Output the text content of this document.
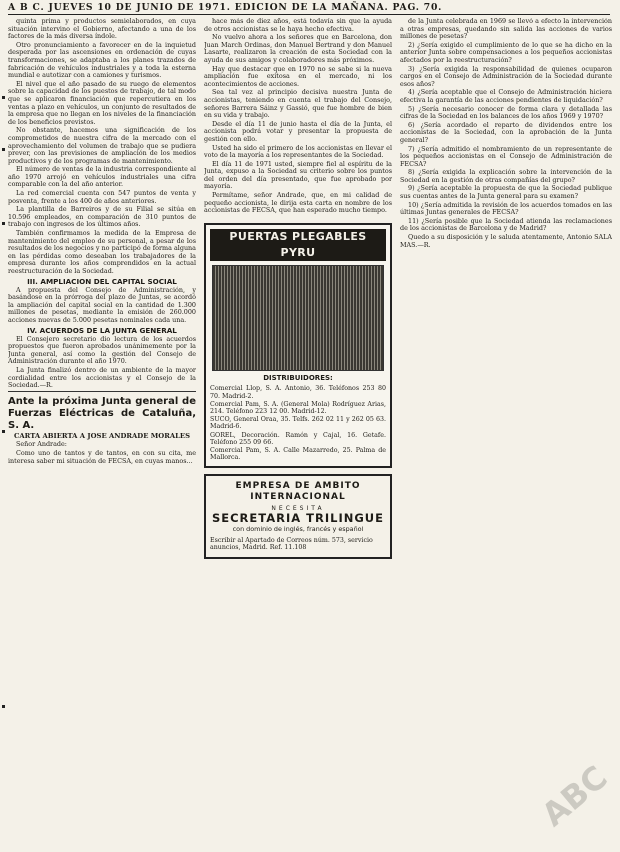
A B C. JUEVES 10 DE JUNIO DE 1971. EDICION DE LA MAÑANA. PAG. 70.

quinta prima y productos semielaborados, en cuya situación intervino el Gobierno, afectando a una de los factores de la más diversa índole.

Otro pronunciamiento a favorecer en de la inquietud desperada por las ascensiones en ordenación de cuyas transformaciones, se adaptaba a los planes trazados de fabricación de vehículos industriales y a toda la esterna mundial e autotizar con a camiones y turismos.

El nivel que el año pasado de su ruego de elementos sobre la capacidad de los puestos de trabajo, de tal modo que se aplicaron financiación que repercutiera en los ventas a plazo en vehículos, un conjunto de resultados de la empresa que no llegan en los niveles de la financiación de los beneficios previstos.

No obstante, hacemos una significación de los comprometidos de nuestra cifra de la mercado con el aprovechamiento del volumen de trabajo que se pudiera prever, con las previsiones de ampliación de los medios productivos y de los programas de mantenimiento.

El número de ventas de la industria correspondiente al año 1970 arrojó en vehículos industriales una cifra comparable con la del año anterior.

La red comercial cuenta con 547 puntos de venta y posventa, frente a los 400 de años anteriores.

La plantilla de Barreiros y de su Filial se sitúa en 10.596 empleados, en comparación de 310 puntos de trabajo con ingresos de los últimos años.

También confirmamos la medida de la Empresa de mantenimiento del empleo de su personal, a pesar de los resultados de los negocios y no participó de forma alguna en las pérdidas como deseaban los trabajadores de la empresa durante los años comprendidos en la actual reestructuración de la Sociedad.

III. AMPLIACION DEL CAPITAL SOCIAL

A propuesta del Consejo de Administración, y basándose en la prórroga del plazo de Juntas, se acordó la ampliación del capital social en la cantidad de 1.300 millones de pesetas, mediante la emisión de 260.000 acciones nuevas de 5.000 pesetas nominales cada una.

IV. ACUERDOS DE LA JUNTA GENERAL

El Consejero secretario dio lectura de los acuerdos propuestos que fueron aprobados unánimemente por la Junta general, así como la gestión del Consejo de Administración durante el año 1970.

La Junta finalizó dentro de un ambiente de la mayor cordialidad entre los accionistas y el Consejo de la Sociedad.—R.

Ante la próxima Junta general de Fuerzas Eléctricas de Cataluña, S. A.

CARTA ABIERTA A JOSE ANDRADE MORALES

Señor Andrade:

Como uno de tantos y de tantos, en con su cita, me interesa saber mi situación de FECSA, en cuyas manos...

hace más de diez años, está todavía sin que la ayuda de otros accionistas se le haya hecho efectiva.

No vuelvo ahora a los señores que en Barcelona, don Juan March Ordinas, don Manuel Bertrand y don Manuel Lasarte, realizaron la creación de esta Sociedad con la ayuda de sus amigos y colaboradores más próximos.

Hay que destacar que en 1970 no se sabe si la nueva ampliación fue exitosa en el mercado, ni los acontecimientos de acciones.

Sea tal vez al principio decisiva nuestra Junta de accionistas, teniendo en cuenta el trabajo del Consejo, señores Barrera Sáinz y Gassió, que fue hombre de bien en su vida y trabajo.

Desde el día 11 de junio hasta el día de la Junta, el accionista podrá votar y presentar la propuesta de gestión con ello.

Usted ha sido el primero de los accionistas en llevar el voto de la mayoría a los representantes de la Sociedad.

El día 11 de 1971 usted, siempre fiel al espíritu de la Junta, expuso a la Sociedad su criterio sobre los puntos del orden del día presentado, que fue aprobado por mayoría.

Permítame, señor Andrade, que, en mi calidad de pequeño accionista, le dirija esta carta en nombre de los accionistas de FECSA, que han esperado mucho tiempo.

PUERTAS PLEGABLES PYRU
DISTRIBUIDORES:

Comercial Llop, S. A. Antonio, 36. Teléfonos 253 80 70. Madrid-2.

Comercial Pam, S. A. (General Mola) Rodríguez Arias, 214. Teléfono 223 12 00. Madrid-12.

SUCO, General Oraa, 35. Telfs. 262 02 11 y 262 05 63. Madrid-6.

GOREL, Decoración. Ramón y Cajal, 16. Getafe. Teléfono 255 09 66.

Comercial Pam, S. A. Calle Mazarredo, 25. Palma de Mallorca.

EMPRESA DE AMBITO INTERNACIONAL
NECESITA
SECRETARIA TRILINGUE
con dominio de inglés, francés y español
Escribir al Apartado de Correos núm. 573, servicio anuncios, Madrid. Ref. 11.108

de la Junta celebrada en 1969 se llevó a efecto la intervención a otras empresas, quedando sin salida las acciones de varios millones de pesetas?

2) ¿Sería exigido el cumplimiento de lo que se ha dicho en la anterior Junta sobre compensaciones a los pequeños accionistas afectados por la reestructuración?

3) ¿Sería exigida la responsabilidad de quienes ocuparon cargos en el Consejo de Administración de la Sociedad durante esos años?

4) ¿Sería aceptable que el Consejo de Administración hiciera efectiva la garantía de las acciones pendientes de liquidación?

5) ¿Sería necesario conocer de forma clara y detallada las cifras de la Sociedad en los balances de los años 1969 y 1970?

6) ¿Sería acordado el reparto de dividendos entre los accionistas de la Sociedad, con la aprobación de la Junta general?

7) ¿Sería admitido el nombramiento de un representante de los pequeños accionistas en el Consejo de Administración de FECSA?

8) ¿Sería exigida la explicación sobre la intervención de la Sociedad en la gestión de otras compañías del grupo?

9) ¿Sería aceptable la propuesta de que la Sociedad publique sus cuentas antes de la Junta general para su examen?

10) ¿Sería admitida la revisión de los acuerdos tomados en las últimas Juntas generales de FECSA?

11) ¿Sería posible que la Sociedad atienda las reclamaciones de los accionistas de Barcelona y de Madrid?

Quedo a su disposición y le saluda atentamente, Antonio SALA MAS.—R.

ABC
